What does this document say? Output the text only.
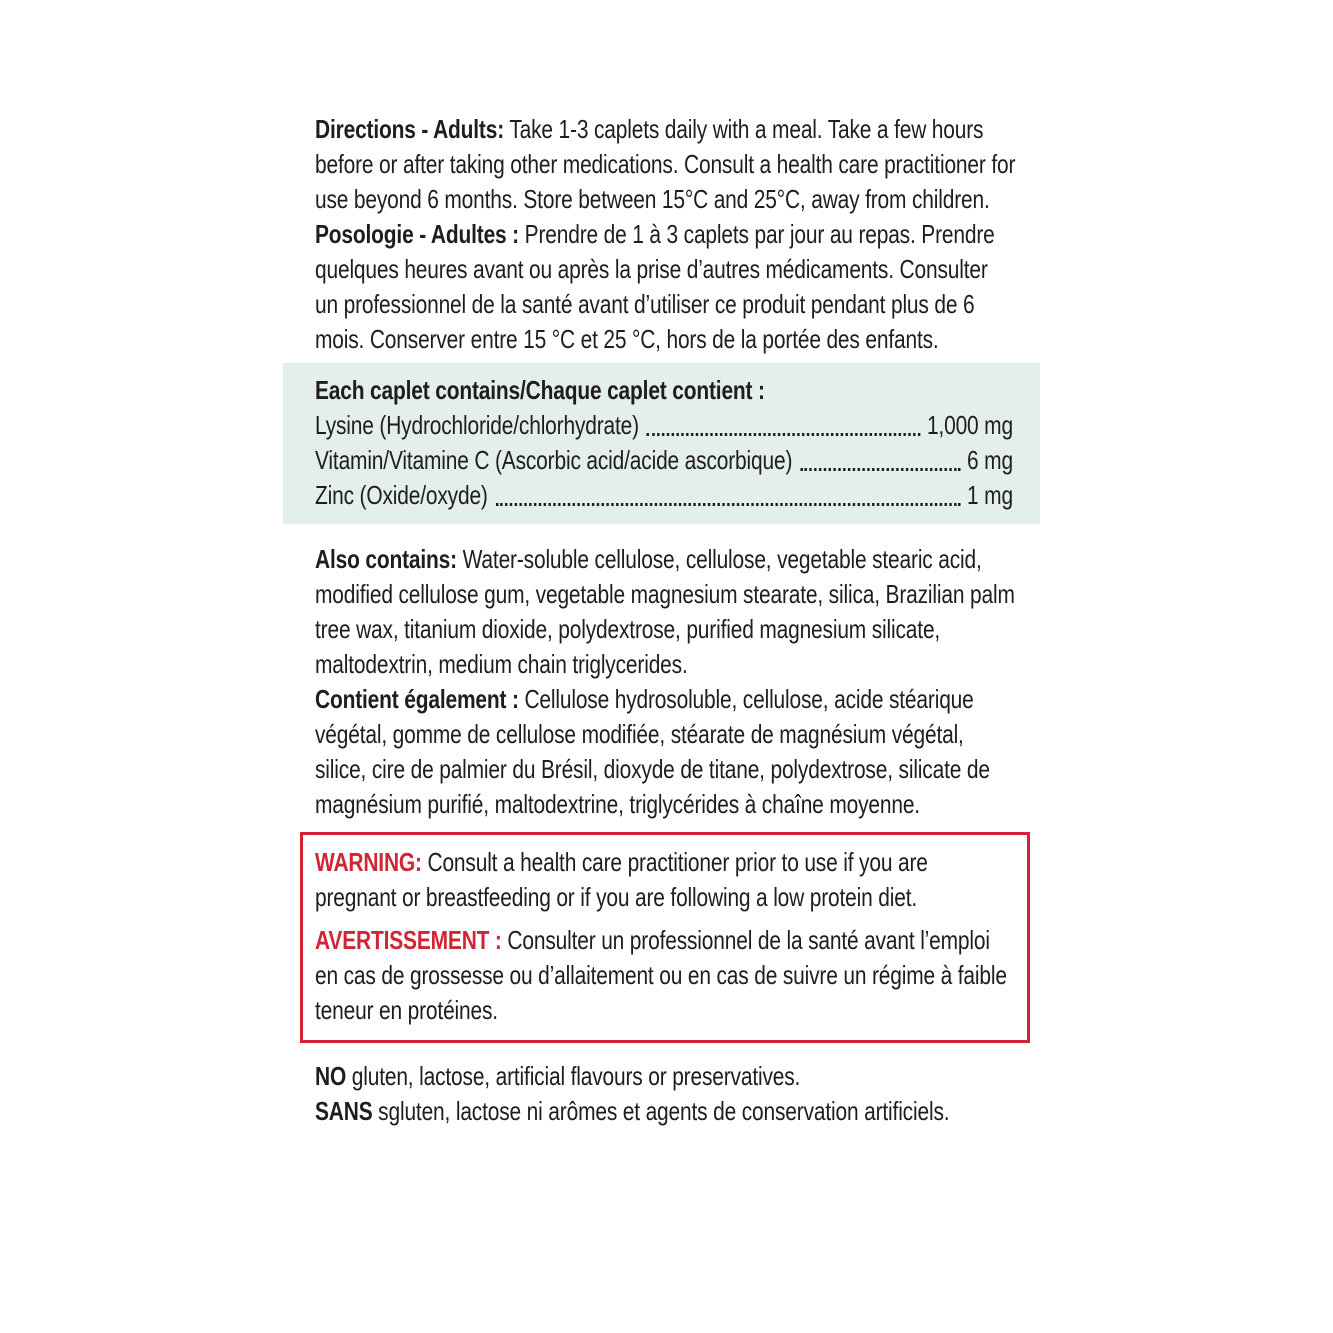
Directions - Adults: Take 1-3 caplets daily with a meal. Take a few hours before or after taking other medications. Consult a health care practitioner for use beyond 6 months. Store between 15°C and 25°C, away from children.

Posologie - Adultes : Prendre de 1 à 3 caplets par jour au repas. Prendre quelques heures avant ou après la prise d’autres médicaments. Consulter un professionnel de la santé avant d’utiliser ce produit pendant plus de 6 mois. Conserver entre 15 °C et 25 °C, hors de la portée des enfants.

Each caplet contains/Chaque caplet contient :

Lysine (Hydrochloride/chlorhydrate)	1,000 mg
Vitamin/Vitamine C (Ascorbic acid/acide ascorbique)	6 mg
Zinc (Oxide/oxyde)	1 mg

Also contains: Water-soluble cellulose, cellulose, vegetable stearic acid, modified cellulose gum, vegetable magnesium stearate, silica, Brazilian palm tree wax, titanium dioxide, polydextrose, purified magnesium silicate, maltodextrin, medium chain triglycerides.

Contient également : Cellulose hydrosoluble, cellulose, acide stéarique végétal, gomme de cellulose modifiée, stéarate de magnésium végétal, silice, cire de palmier du Brésil, dioxyde de titane, polydextrose, silicate de magnésium purifié, maltodextrine, triglycérides à chaîne moyenne.

WARNING: Consult a health care practitioner prior to use if you are pregnant or breastfeeding or if you are following a low protein diet.

AVERTISSEMENT : Consulter un professionnel de la santé avant l’emploi en cas de grossesse ou d’allaitement ou en cas de suivre un régime à faible teneur en protéines.

NO gluten, lactose, artificial flavours or preservatives.

SANS sgluten, lactose ni arômes et agents de conservation artificiels.
